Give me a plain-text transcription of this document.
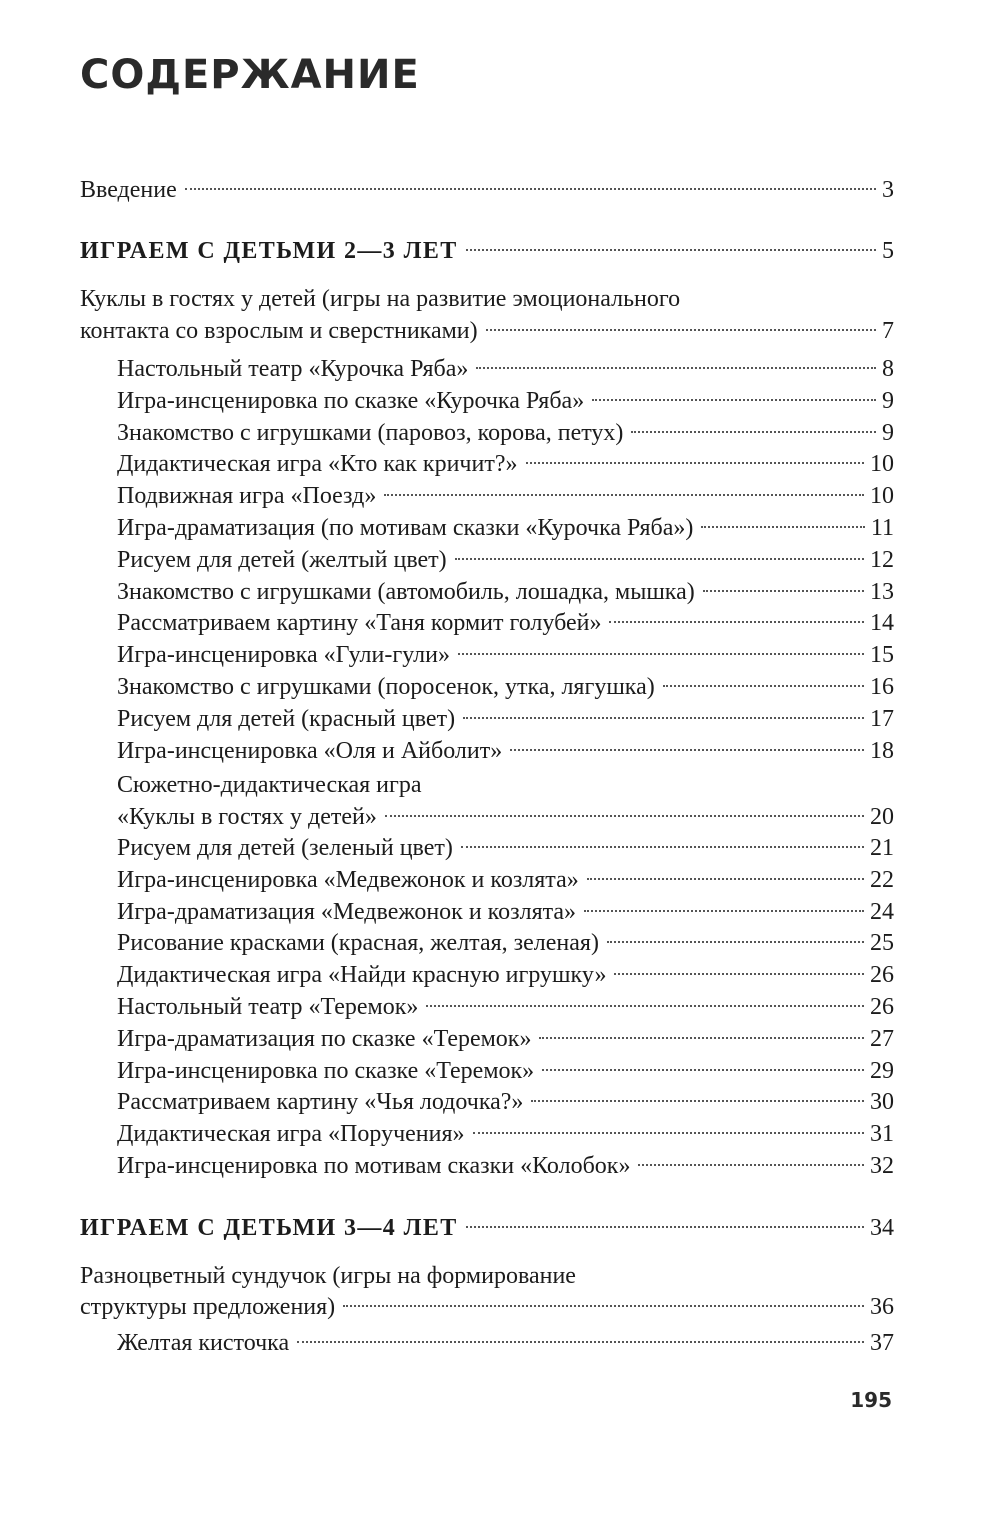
СОДЕРЖАНИЕ
Введение	3
ИГРАЕМ С ДЕТЬМИ 2—3 ЛЕТ	5
Куклы в гостях у детей (игры на развитие эмоционального
контакта со взрослым и сверстниками)	7
Настольный театр «Курочка Ряба»	8
Игра-инсценировка по сказке «Курочка Ряба»	9
Знакомство с игрушками (паровоз, корова, петух)	9
Дидактическая игра «Кто как кричит?»	10
Подвижная игра «Поезд»	10
Игра-драматизация (по мотивам сказки «Курочка Ряба»)	11
Рисуем для детей (желтый цвет)	12
Знакомство с игрушками (автомобиль, лошадка, мышка)	13
Рассматриваем картину «Таня кормит голубей»	14
Игра-инсценировка «Гули-гули»	15
Знакомство с игрушками (поросенок, утка, лягушка)	16
Рисуем для детей (красный цвет)	17
Игра-инсценировка «Оля и Айболит»	18
Сюжетно-дидактическая игра
«Куклы в гостях у детей»	20
Рисуем для детей (зеленый цвет)	21
Игра-инсценировка «Медвежонок и козлята»	22
Игра-драматизация «Медвежонок и козлята»	24
Рисование красками (красная, желтая, зеленая)	25
Дидактическая игра «Найди красную игрушку»	26
Настольный театр «Теремок»	26
Игра-драматизация по сказке «Теремок»	27
Игра-инсценировка по сказке «Теремок»	29
Рассматриваем картину «Чья лодочка?»	30
Дидактическая игра «Поручения»	31
Игра-инсценировка по мотивам сказки «Колобок»	32
ИГРАЕМ С ДЕТЬМИ 3—4 ЛЕТ	34
Разноцветный сундучок (игры на формирование
структуры предложения)	36
Желтая кисточка	37
195
